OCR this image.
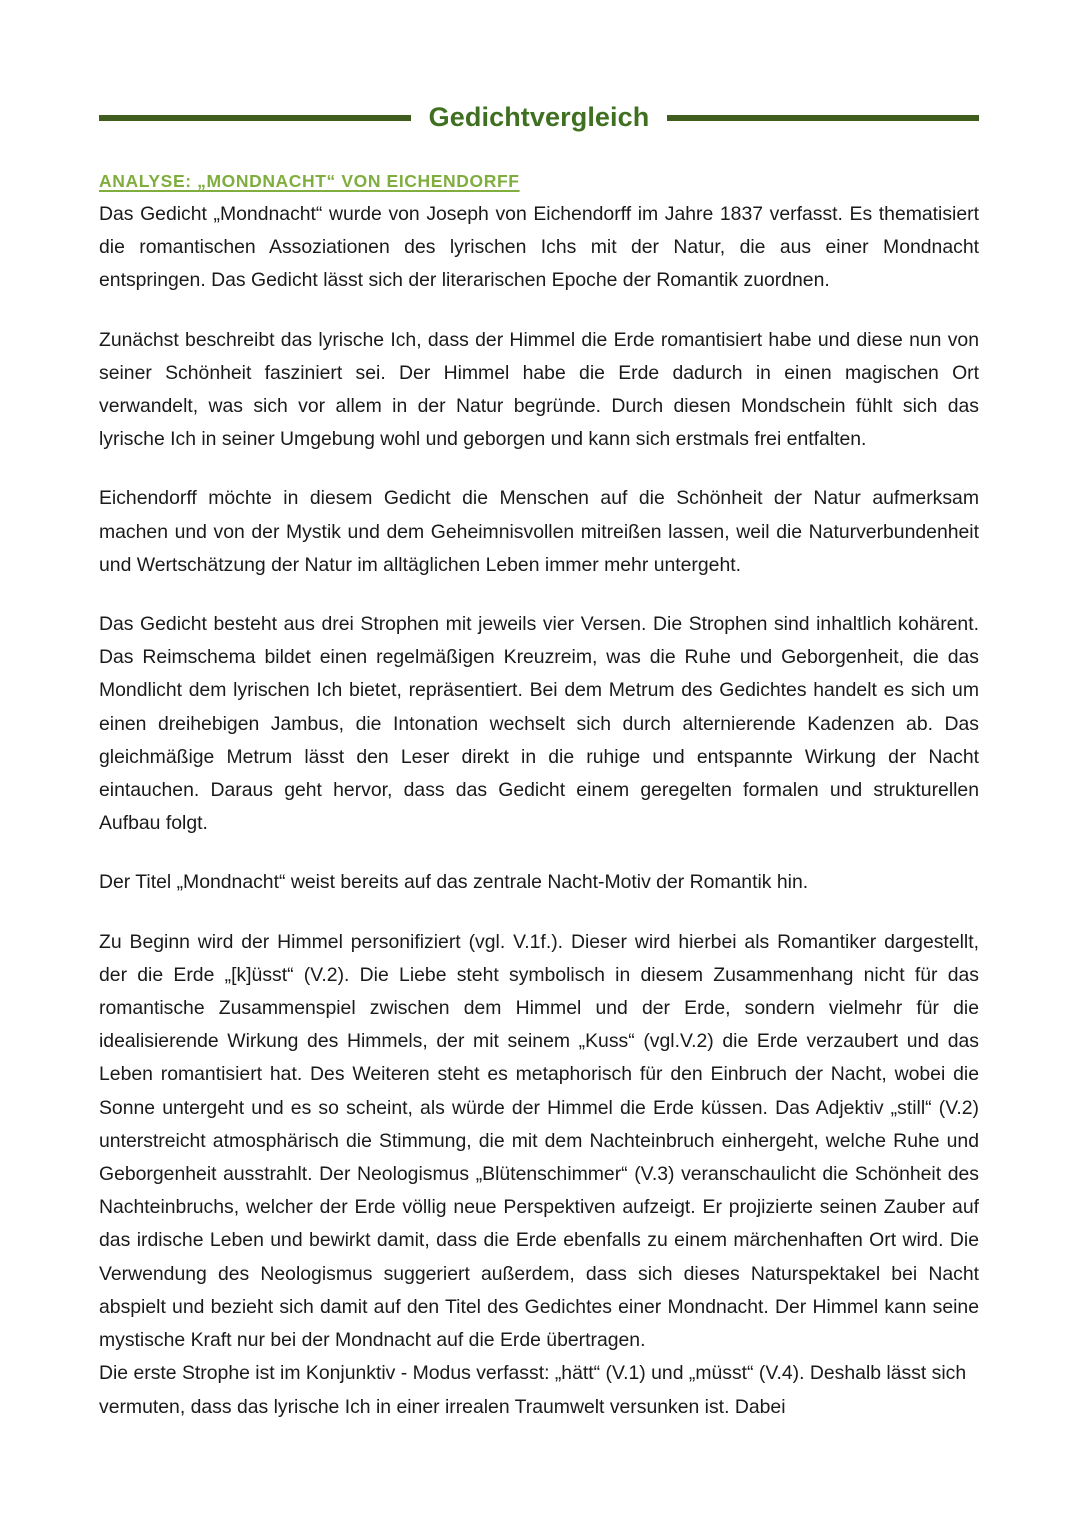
Gedichtvergleich
ANALYSE: „MONDNACHT“ VON EICHENDORFF

Das Gedicht „Mondnacht“ wurde von Joseph von Eichendorff im Jahre 1837 verfasst. Es thematisiert die romantischen Assoziationen des lyrischen Ichs mit der Natur, die aus einer Mondnacht entspringen. Das Gedicht lässt sich der literarischen Epoche der Romantik zuordnen.

Zunächst beschreibt das lyrische Ich, dass der Himmel die Erde romantisiert habe und diese nun von seiner Schönheit fasziniert sei. Der Himmel habe die Erde dadurch in einen magischen Ort verwandelt, was sich vor allem in der Natur begründe. Durch diesen Mondschein fühlt sich das lyrische Ich in seiner Umgebung wohl und geborgen und kann sich erstmals frei entfalten.

Eichendorff möchte in diesem Gedicht die Menschen auf die Schönheit der Natur aufmerksam machen und von der Mystik und dem Geheimnisvollen mitreißen lassen, weil die Naturverbundenheit und Wertschätzung der Natur im alltäglichen Leben immer mehr untergeht.

Das Gedicht besteht aus drei Strophen mit jeweils vier Versen. Die Strophen sind inhaltlich kohärent. Das Reimschema bildet einen regelmäßigen Kreuzreim, was die Ruhe und Geborgenheit, die das Mondlicht dem lyrischen Ich bietet, repräsentiert. Bei dem Metrum des Gedichtes handelt es sich um einen dreihebigen Jambus, die Intonation wechselt sich durch alternierende Kadenzen ab. Das gleichmäßige Metrum lässt den Leser direkt in die ruhige und entspannte Wirkung der Nacht eintauchen. Daraus geht hervor, dass das Gedicht einem geregelten formalen und strukturellen Aufbau folgt.

Der Titel „Mondnacht“ weist bereits auf das zentrale Nacht-Motiv der Romantik hin.

Zu Beginn wird der Himmel personifiziert (vgl. V.1f.). Dieser wird hierbei als Romantiker dargestellt, der die Erde „[k]üsst“ (V.2). Die Liebe steht symbolisch in diesem Zusammenhang nicht für das romantische Zusammenspiel zwischen dem Himmel und der Erde, sondern vielmehr für die idealisierende Wirkung des Himmels, der mit seinem „Kuss“ (vgl.V.2) die Erde verzaubert und das Leben romantisiert hat. Des Weiteren steht es metaphorisch für den Einbruch der Nacht, wobei die Sonne untergeht und es so scheint, als würde der Himmel die Erde küssen. Das Adjektiv „still“ (V.2) unterstreicht atmosphärisch die Stimmung, die mit dem Nachteinbruch einhergeht, welche Ruhe und Geborgenheit ausstrahlt. Der Neologismus „Blütenschimmer“ (V.3) veranschaulicht die Schönheit des Nachteinbruchs, welcher der Erde völlig neue Perspektiven aufzeigt. Er projizierte seinen Zauber auf das irdische Leben und bewirkt damit, dass die Erde ebenfalls zu einem märchenhaften Ort wird. Die Verwendung des Neologismus suggeriert außerdem, dass sich dieses Naturspektakel bei Nacht abspielt und bezieht sich damit auf den Titel des Gedichtes einer Mondnacht. Der Himmel kann seine mystische Kraft nur bei der Mondnacht auf die Erde übertragen.

Die erste Strophe ist im Konjunktiv - Modus verfasst: „hätt“ (V.1) und „müsst“ (V.4). Deshalb lässt sich vermuten, dass das lyrische Ich in einer irrealen Traumwelt versunken ist. Dabei
